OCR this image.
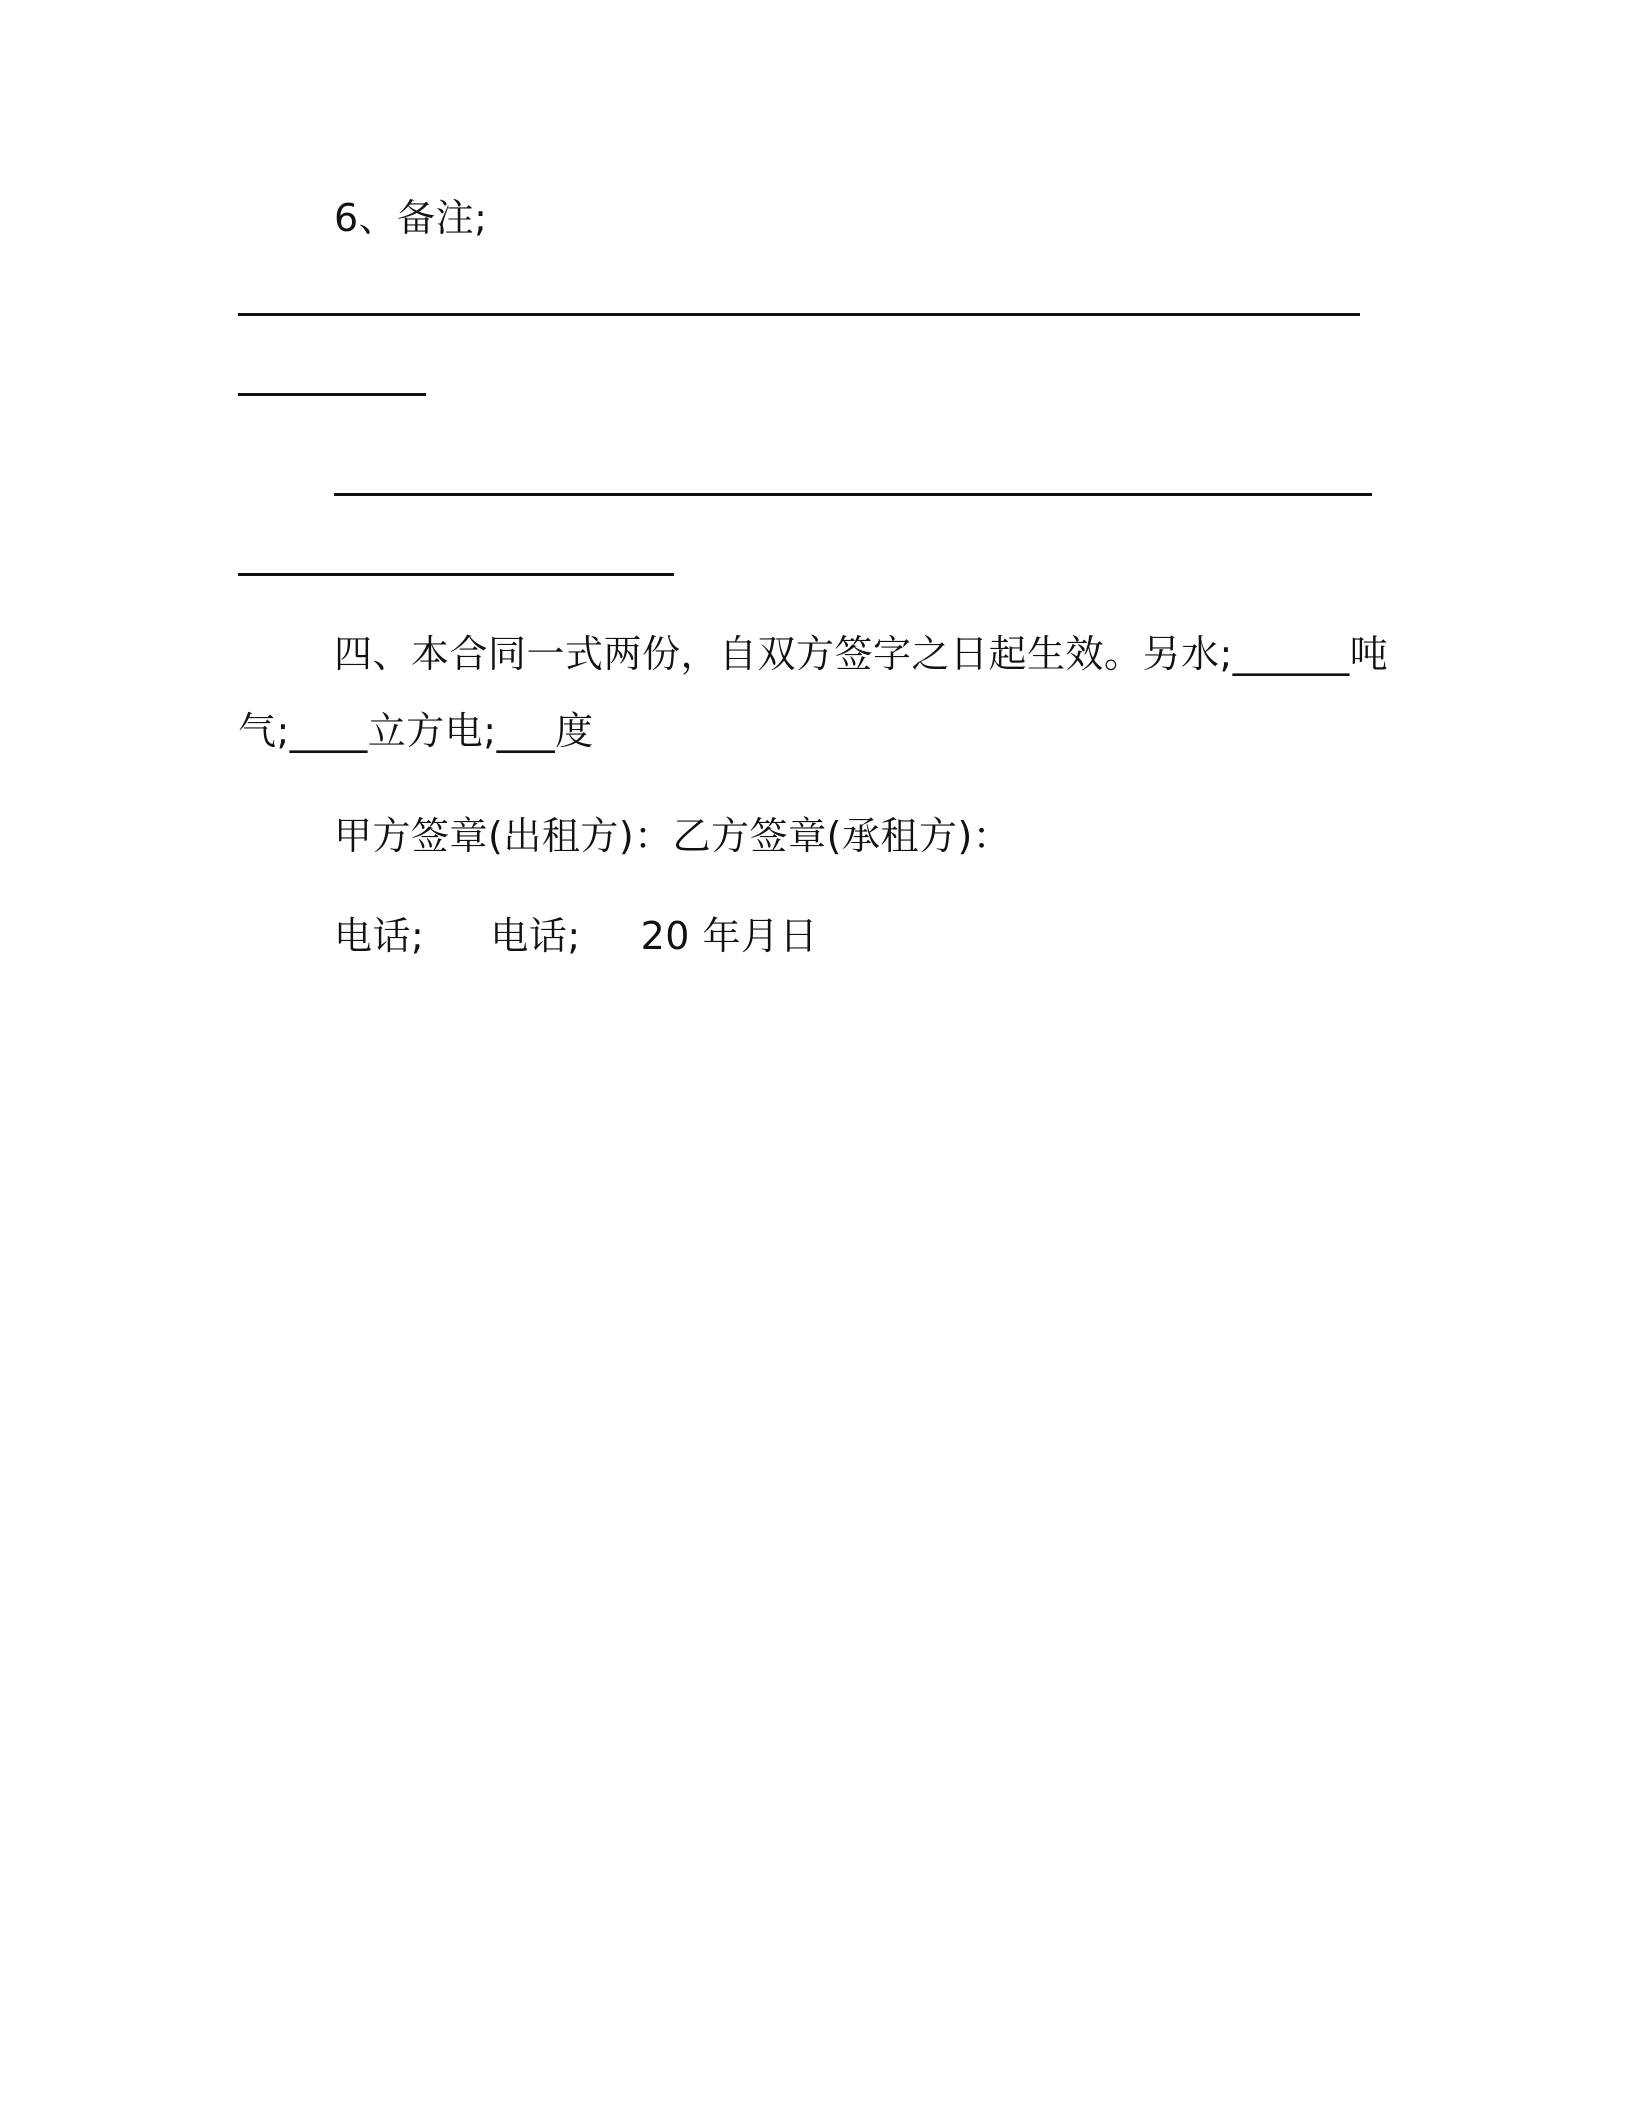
6、备注;
四、本合同一式两份，自双方签字之日起生效。另水;______吨
气;____立方电;___度
甲方签章(出租方)：乙方签章(承租方)：
电话; 电话; 20 年月日
